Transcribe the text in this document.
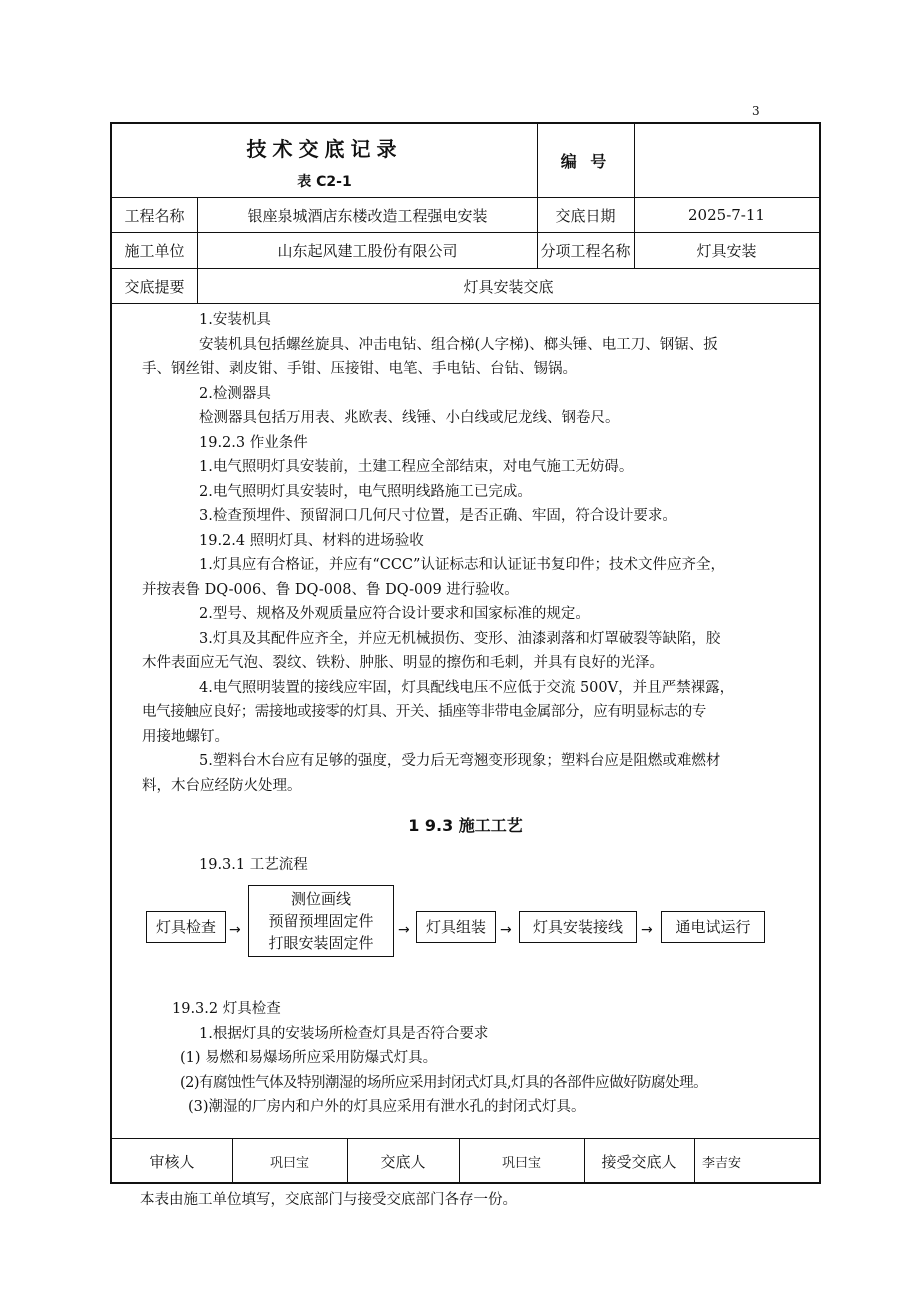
3
技术交底记录
表 C2-1
编 号
工程名称	银座泉城酒店东楼改造工程强电安装	交底日期	2025-7-11
施工单位	山东起风建工股份有限公司	分项工程名称	灯具安装
交底提要	灯具安装交底

1.安装机具

安装机具包括螺丝旋具、冲击电钻、组合梯(人字梯)、榔头锤、电工刀、钢锯、扳

手、钢丝钳、剥皮钳、手钳、压接钳、电笔、手电钻、台钻、锡锅。

2.检测器具

检测器具包括万用表、兆欧表、线锤、小白线或尼龙线、钢卷尺。

19.2.3 作业条件

1.电气照明灯具安装前，土建工程应全部结束，对电气施工无妨碍。

2.电气照明灯具安装时，电气照明线路施工已完成。

3.检查预埋件、预留洞口几何尺寸位置，是否正确、牢固，符合设计要求。

19.2.4 照明灯具、材料的进场验收

1.灯具应有合格证，并应有“CCC”认证标志和认证证书复印件；技术文件应齐全，

并按表鲁 DQ-006、鲁 DQ-008、鲁 DQ-009 进行验收。

2.型号、规格及外观质量应符合设计要求和国家标准的规定。

3.灯具及其配件应齐全，并应无机械损伤、变形、油漆剥落和灯罩破裂等缺陷，胶

木件表面应无气泡、裂纹、铁粉、肿胀、明显的擦伤和毛刺，并具有良好的光泽。

4.电气照明装置的接线应牢固，灯具配线电压不应低于交流 500V，并且严禁裸露，

电气接触应良好；需接地或接零的灯具、开关、插座等非带电金属部分，应有明显标志的专

用接地螺钉。

5.塑料台木台应有足够的强度，受力后无弯翘变形现象；塑料台应是阻燃或难燃材

料，木台应经防火处理。

1 9.3 施工工艺

19.3.1 工艺流程

灯具检查 →
测位画线
预留预埋固定件
打眼安装固定件
→	灯具组装	→	灯具安装接线	→	通电试运行

19.3.2 灯具检查

1.根据灯具的安装场所检查灯具是否符合要求

(1) 易燃和易爆场所应采用防爆式灯具。

(2)有腐蚀性气体及特别潮湿的场所应采用封闭式灯具,灯具的各部件应做好防腐处理。

(3)潮湿的厂房内和户外的灯具应采用有泄水孔的封闭式灯具。

审核人	巩曰宝	交底人	巩曰宝	接受交底人	李吉安
本表由施工单位填写，交底部门与接受交底部门各存一份。
